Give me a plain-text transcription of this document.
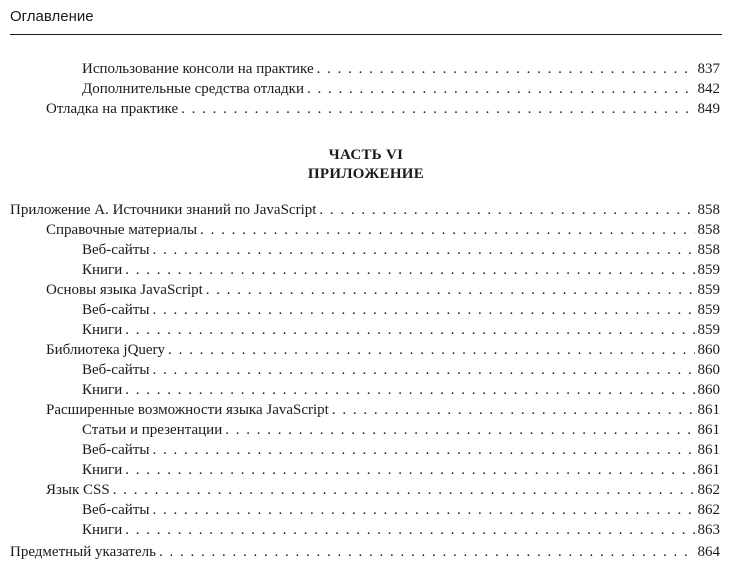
Оглавление
Использование консоли на практике . . .	837
Дополнительные средства отладки . . .	842
Отладка на практике . . .	849
ЧАСТЬ VI
ПРИЛОЖЕНИЕ
Приложение А. Источники знаний по JavaScript . . .	858
Справочные материалы . . .	858
Веб-сайты . . .	858
Книги . . .	859
Основы языка JavaScript . . .	859
Веб-сайты . . .	859
Книги . . .	859
Библиотека jQuery . . .	860
Веб-сайты . . .	860
Книги . . .	860
Расширенные возможности языка JavaScript . . .	861
Статьи и презентации . . .	861
Веб-сайты . . .	861
Книги . . .	861
Язык CSS . . .	862
Веб-сайты . . .	862
Книги . . .	863
Предметный указатель . . .	864
